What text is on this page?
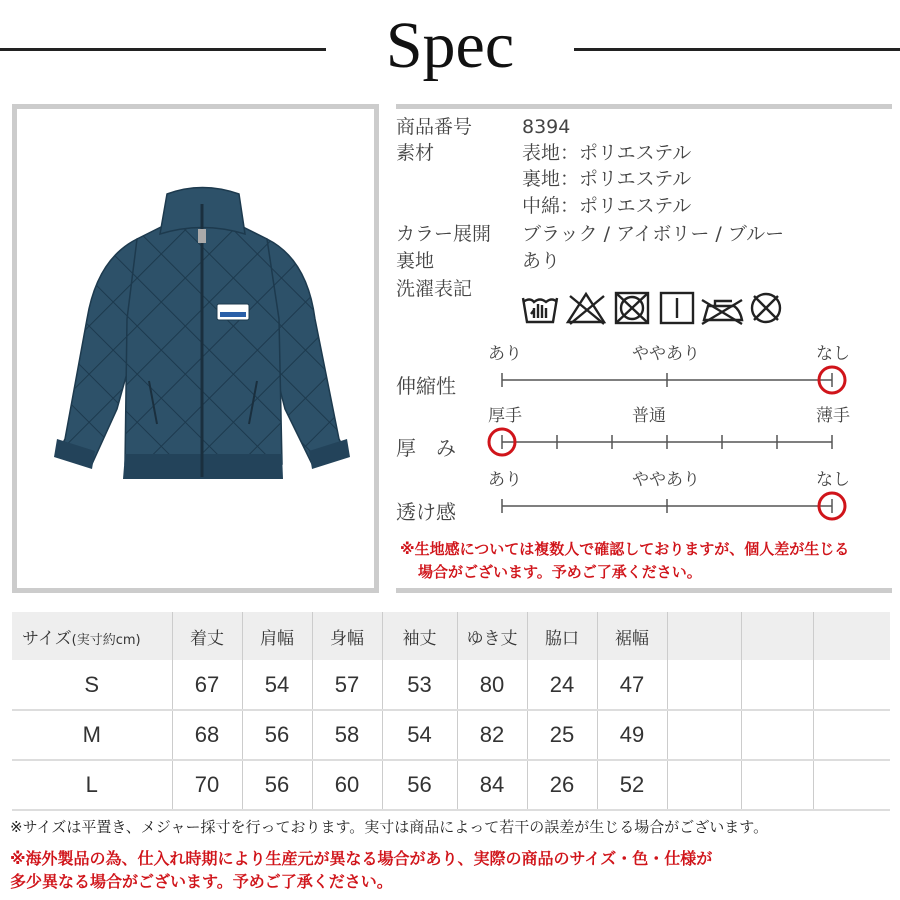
Spec
商品番号	8394
素材	表地：ポリエステル
裏地：ポリエステル
中綿：ポリエステル
カラー展開 ブラック / アイボリー / ブルー
裏地	あり
洗濯表記
あり	ややあり	なし
伸縮性
厚手	普通	薄手
厚　み
あり	ややあり	なし
透け感
※生地感については複数人で確認しておりますが、個人差が生じる
場合がございます。予めご了承ください。
サイズ(実寸約cm)	着丈	肩幅	身幅	袖丈	ゆき丈	脇口	裾幅			
S	67	54	57	53	80	24	47			
M	68	56	58	54	82	25	49			
L	70	56	60	56	84	26	52			
※サイズは平置き、メジャー採寸を行っております。実寸は商品によって若干の誤差が生じる場合がございます。
※海外製品の為、仕入れ時期により生産元が異なる場合があり、実際の商品のサイズ・色・仕様が
多少異なる場合がございます。予めご了承ください。
